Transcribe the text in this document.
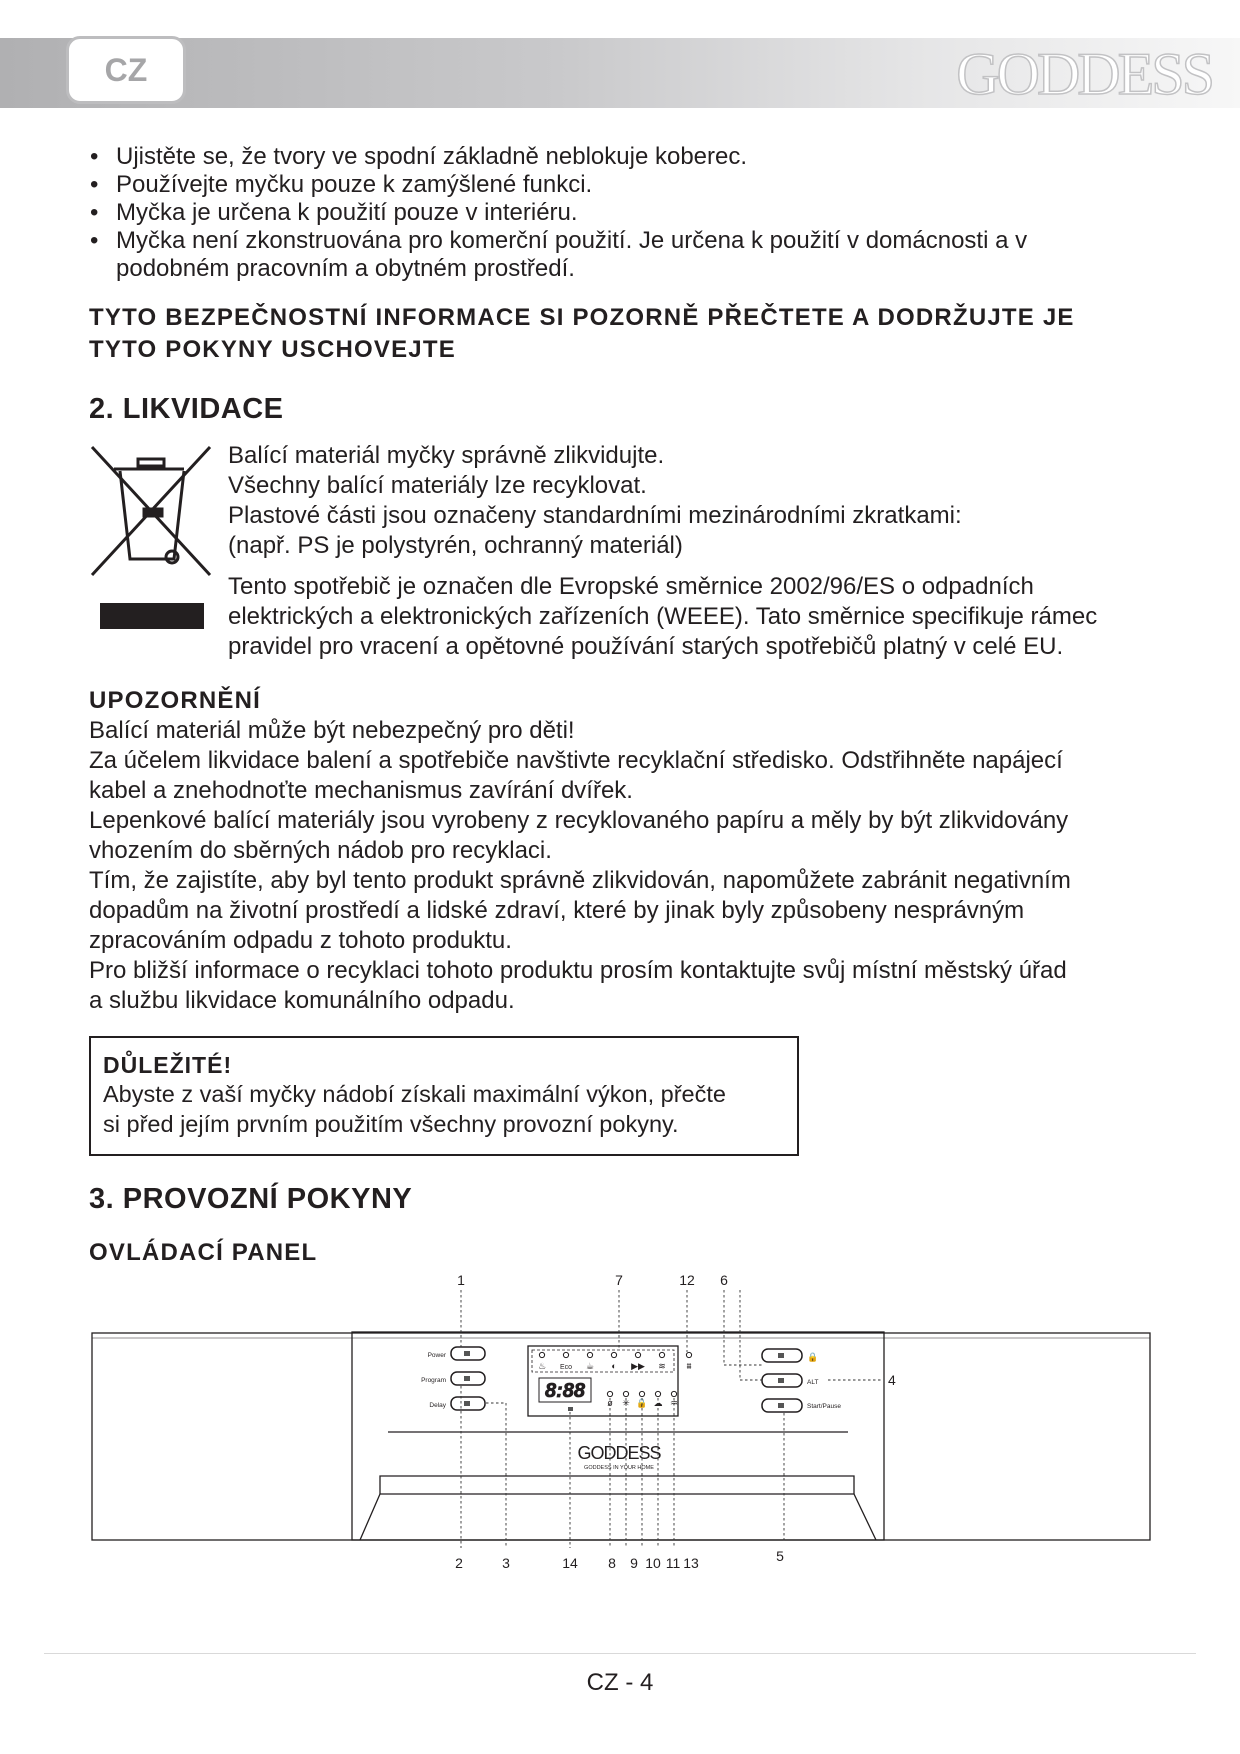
CZ	GODDESS
• Ujistěte se, že tvory ve spodní základně neblokuje koberec.
• Používejte myčku pouze k zamýšlené funkci.
• Myčka je určena k použití pouze v interiéru.
• Myčka není zkonstruována pro komerční použití. Je určena k použití v domácnosti a v podobném pracovním a obytném prostředí.
TYTO BEZPEČNOSTNÍ INFORMACE SI POZORNĚ PŘEČTETE A DODRŽUJTE JE
TYTO POKYNY USCHOVEJTE
2. LIKVIDACE
Balící materiál myčky správně zlikvidujte.
Všechny balící materiály lze recyklovat.
Plastové části jsou označeny standardními mezinárodními zkratkami:
(např. PS je polystyrén, ochranný materiál)
Tento spotřebič je označen dle Evropské směrnice 2002/96/ES o odpadních
elektrických a elektronických zařízeních (WEEE). Tato směrnice specifikuje rámec
pravidel pro vracení a opětovné používání starých spotřebičů platný v celé EU.
UPOZORNĚNÍ
Balící materiál může být nebezpečný pro děti!
Za účelem likvidace balení a spotřebiče navštivte recyklační středisko. Odstřihněte napájecí
kabel a znehodnoťte mechanismus zavírání dvířek.
Lepenkové balící materiály jsou vyrobeny z recyklovaného papíru a měly by být zlikvidovány
vhozením do sběrných nádob pro recyklaci.
Tím, že zajistíte, aby byl tento produkt správně zlikvidován, napomůžete zabránit negativním
dopadům na životní prostředí a lidské zdraví, které by jinak byly způsobeny nesprávným
zpracováním odpadu z tohoto produktu.
Pro bližší informace o recyklaci tohoto produktu prosím kontaktujte svůj místní městský úřad
a službu likvidace komunálního odpadu.
DŮLEŽITÉ!
Abyste z vaší myčky nádobí získali maximální výkon, přečte
si před jejím prvním použitím všechny provozní pokyny.
3. PROVOZNÍ POKYNY
OVLÁDACÍ PANEL
1	7	12 6
Power
Program
Delay
♨ Eco ☕ ◐ ▶▶ ≋ ⩩
ø ✳ 🔒 ☁ ♒
8:88
🔒
ALT
Start/Pause
GODDESS
GODDESS IN YOUR HOME
4
2	3	14 8 9 10 11 13	5
CZ - 4
